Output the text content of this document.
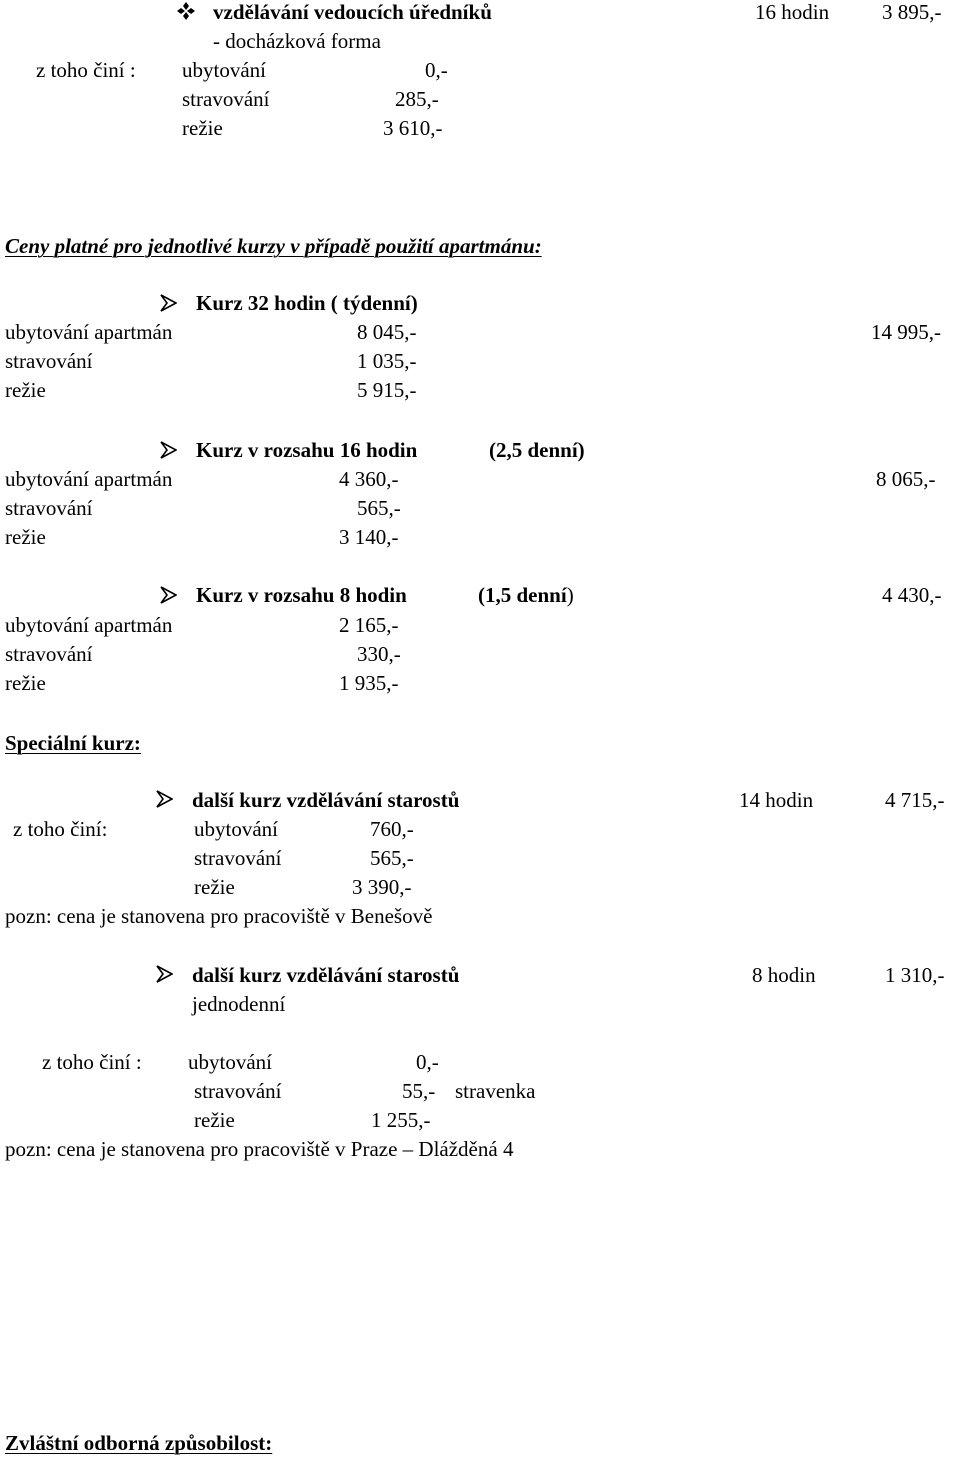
vzdělávání vedoucích úředníků	16 hodin	3 895,-
- docházková forma
z toho činí : ubytování	0,-
stravování	285,-
režie	3 610,-
Ceny platné pro jednotlivé kurzy v případě použití apartmánu:
Kurz 32 hodin ( týdenní)
ubytování apartmán	8 045,-	14 995,-
stravování	1 035,-
režie	5 915,-
Kurz v rozsahu 16 hodin	(2,5 denní)
ubytování apartmán	4 360,-	8 065,-
stravování	565,-
režie	3 140,-
Kurz v rozsahu 8 hodin	(1,5 denní)	4 430,-
ubytování apartmán	2 165,-
stravování	330,-
režie	1 935,-
Speciální kurz:
další kurz vzdělávání starostů	14 hodin	4 715,-
z toho činí:	ubytování	760,-
stravování	565,-
režie	3 390,-
pozn: cena je stanovena pro pracoviště v Benešově
další kurz vzdělávání starostů	8 hodin	1 310,-
jednodenní
z toho činí : ubytování	0,-
stravování	55,- stravenka
režie	1 255,-
pozn: cena je stanovena pro pracoviště v Praze – Dlážděná 4
Zvláštní odborná způsobilost:
